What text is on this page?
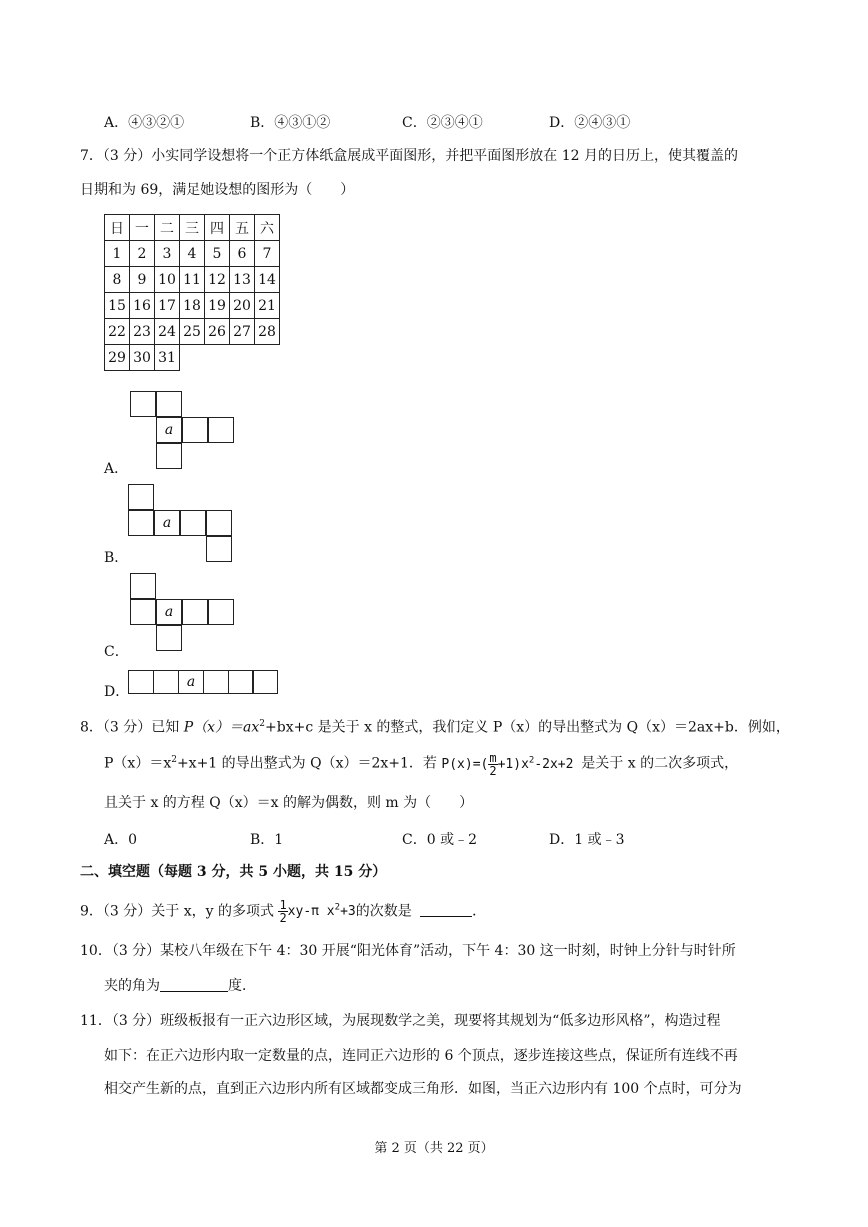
A．④③②①	B．④③①②	C．②③④①	D．②④③①
7．（3 分）小实同学设想将一个正方体纸盒展成平面图形，并把平面图形放在 12 月的日历上，使其覆盖的
日期和为 69，满足她设想的图形为（　　）
日	一	二	三	四	五	六
1	2	3	4	5	6	7
8	9	10	11	12	13	14
15	16	17	18	19	20	21
22	23	24	25	26	27	28
29	30	31				
a
A．
a
B．
a
C．
D．
a
8．（3 分）已知 $P(x)=ax^2+bx+c$ 是关于 x 的整式，我们定义 P（x）的导出整式为 Q（x）＝2ax+b．例如，
$P(x)=x^2+x+1$ 的导出整式为 Q（x）＝2x+1．若 $P(x)=( \frac{m}{2} +1)x^2-2x+2$ 是关于 x 的二次多项式，
且关于 x 的方程 Q（x）＝x 的解为偶数，则 m 为（　　）
A．0	B．1	C．0 或﹣2	D．1 或﹣3
二、填空题（每题 3 分，共 5 小题，共 15 分）
9．（3 分）关于 x，y 的多项式 $\frac{1}{2} xy-\pi$ $x^2+3$的次数是	．
10．（3 分）某校八年级在下午 4：30 开展“阳光体育”活动，下午 4：30 这一时刻，时钟上分针与时针所
夹的角为	度．
11．（3 分）班级板报有一正六边形区域，为展现数学之美，现要将其规划为“低多边形风格”，构造过程
如下：在正六边形内取一定数量的点，连同正六边形的 6 个顶点，逐步连接这些点，保证所有连线不再
相交产生新的点，直到正六边形内所有区域都变成三角形．如图，当正六边形内有 100 个点时，可分为
第 2 页（共 22 页）
